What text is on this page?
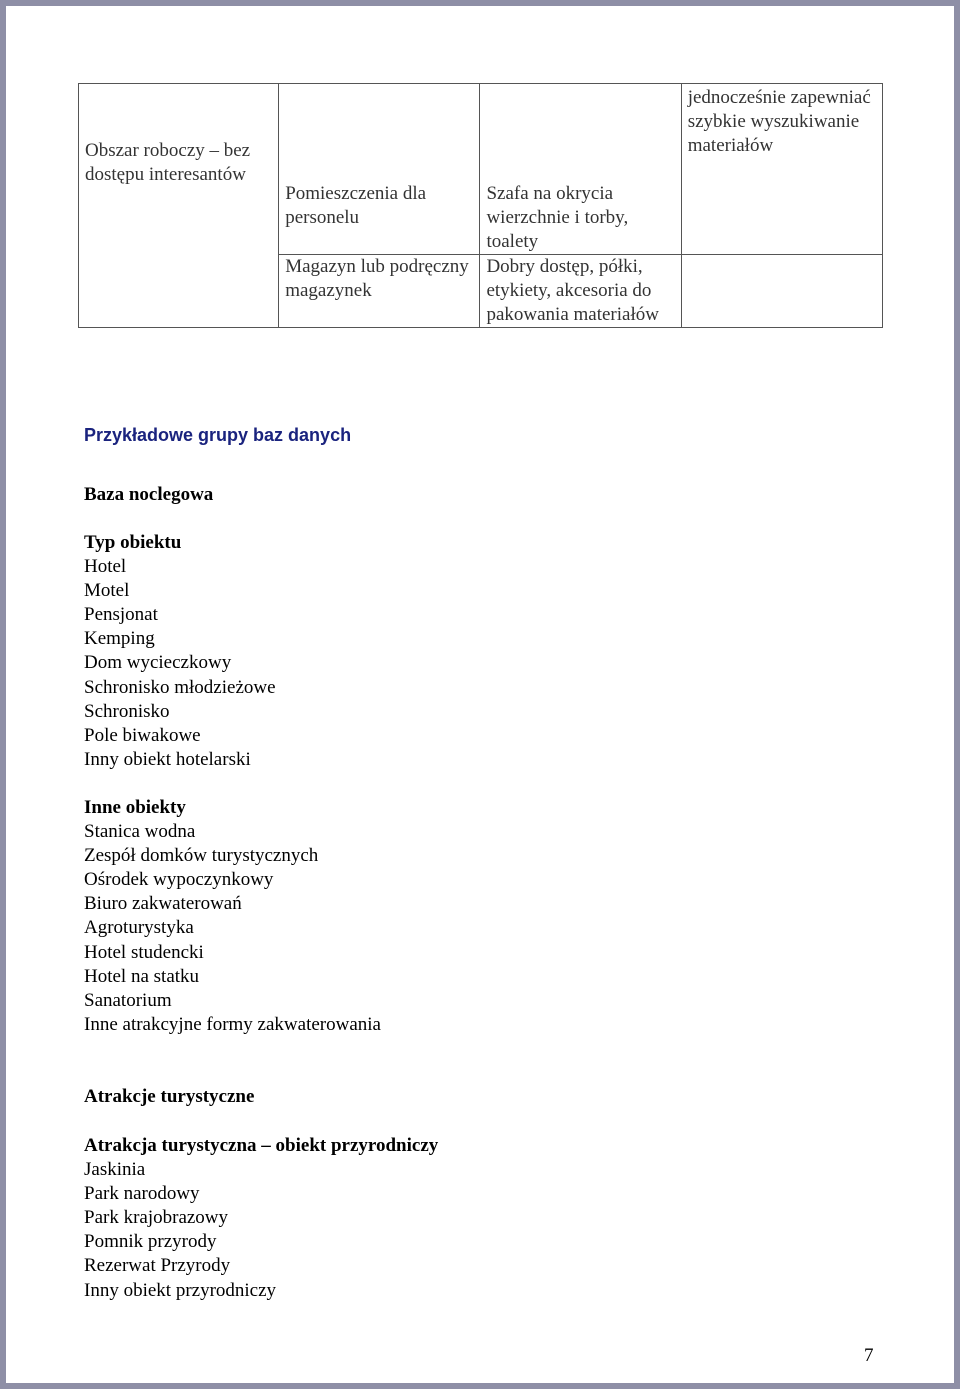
Obszar roboczy – bez dostępu interesantów	Pomieszczenia dla personelu	Szafa na okrycia wierzchnie i torby, toalety	jednocześnie zapewniać szybkie wyszukiwanie materiałów

	Magazyn lub podręczny magazynek	Dobry dostęp, półki, etykiety, akcesoria do pakowania materiałów	
Przykładowe grupy baz danych
Baza noclegowa
Typ obiektu
Hotel
Motel
Pensjonat
Kemping
Dom wycieczkowy
Schronisko młodzieżowe
Schronisko
Pole biwakowe
Inny obiekt hotelarski
Inne obiekty
Stanica wodna
Zespół domków turystycznych
Ośrodek wypoczynkowy
Biuro zakwaterowań
Agroturystyka
Hotel studencki
Hotel na statku
Sanatorium
Inne atrakcyjne formy zakwaterowania
Atrakcje turystyczne
Atrakcja turystyczna – obiekt przyrodniczy
Jaskinia
Park narodowy
Park krajobrazowy
Pomnik przyrody
Rezerwat Przyrody
Inny obiekt przyrodniczy
7
